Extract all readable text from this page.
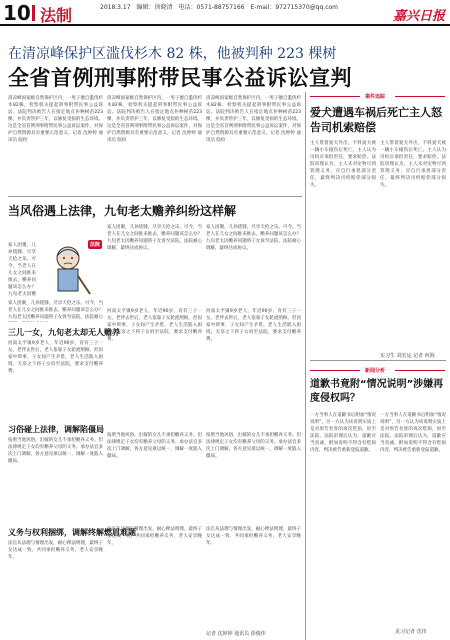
10 法制	2018.3.17　编辑：徐晓清　电话：0571-88757166　E-mail：972715370@qq.com
嘉兴日报
在清凉峰保护区滥伐杉木 82 株，他被判种 223 棵树
全省首例刑事附带民事公益诉讼宣判
清凉峰国家级自然保护区内，一男子擅自滥伐杉木82株，检察机关提起刑事附带民事公益诉讼。法院判决被告人在指定地点补种树苗223棵，并负责管护三年，以修复受损的生态环境。这是全省首例刑事附带民事公益诉讼案件，对保护自然资源具有重要示范意义。记者 沈婷婷 通讯员 临检
清凉峰国家级自然保护区内，一男子擅自滥伐杉木82株，检察机关提起刑事附带民事公益诉讼。法院判决被告人在指定地点补种树苗223棵，并负责管护三年，以修复受损的生态环境。这是全省首例刑事附带民事公益诉讼案件，对保护自然资源具有重要示范意义。记者 沈婷婷 通讯员 临检
清凉峰国家级自然保护区内，一男子擅自滥伐杉木82株，检察机关提起刑事附带民事公益诉讼。法院判决被告人在指定地点补种树苗223棵，并负责管护三年，以修复受损的生态环境。这是全省首例刑事附带民事公益诉讼案件，对保护自然资源具有重要示范意义。记者 沈婷婷 通讯员 临检
当风俗遇上法律，九旬老太赡养纠纷这样解
法院
家人团聚，儿孙绕膝，尽享天伦之乐。可今，当老人在儿女之间推来推去，赡养问题该怎么办？九旬老太因赡
家人团聚，儿孙绕膝，尽享天伦之乐。可今，当老人在儿女之间推来推去，赡养问题该怎么办？九旬老太因赡养问题将子女诉至法院，法院耐心调解，最终达成协议。
家人团聚，儿孙绕膝，尽享天伦之乐。可今，当老人在儿女之间推来推去，赡养问题该怎么办？九旬老太因赡养问题将子女诉至法院，法院耐心调解，最终达成协议。
家人团聚，儿孙绕膝，尽享天伦之乐。可今，当老人在儿女之间推来推去，赡养问题该怎么办？九旬老太因赡养问题将子女诉至法院，法院耐心
三儿一女，九旬老太却无人赡养
河南太平镇9岁老人，年近90岁，育有三子一女。老伴去世后，老人依靠子女轮流照顾。但因家中琐事，子女间产生矛盾，老人生活陷入困境，无奈之下将子女诉至法院，要求支付赡养费。
河南太平镇9岁老人，年近90岁，育有三子一女。老伴去世后，老人依靠子女轮流照顾。但因家中琐事，子女间产生矛盾，老人生活陷入困境，无奈之下将子女诉至法院，要求支付赡养费。
河南太平镇9岁老人，年近90岁，育有三子一女。老伴去世后，老人依靠子女轮流照顾。但因家中琐事，子女间产生矛盾，老人生活陷入困境，无奈之下将子女诉至法院，要求支付赡养费。
习俗碰上法律，调解陷僵局
按照当地风俗，出嫁的女儿不承担赡养义务。但法律规定子女均有赡养父母的义务。承办法官多次上门调解，各方意见难以统一，调解一度陷入僵局。
按照当地风俗，出嫁的女儿不承担赡养义务。但法律规定子女均有赡养父母的义务。承办法官多次上门调解，各方意见难以统一，调解一度陷入僵局。
按照当地风俗，出嫁的女儿不承担赡养义务。但法律规定子女均有赡养父母的义务。承办法官多次上门调解，各方意见难以统一，调解一度陷入僵局。
义务与权利捆绑，调解终解燃眉难题
法官从法理与情理出发，耐心释法明理，最终子女达成一致，共同承担赡养义务，老人安享晚年。
法官从法理与情理出发，耐心释法明理，最终子女达成一致，共同承担赡养义务，老人安享晚年。
法官从法理与情理出发，耐心释法明理，最终子女达成一致，共同承担赡养义务，老人安享晚年。
记者 沈婷婷 通讯员 徐俊伟
案件追踪
爱犬遭遇车祸后死亡主人怒告司机索赔偿
主人带着爱犬外出，不料爱犬被一辆小车撞伤后死亡。主人认为司机应承担责任，要求赔偿。法院审理认为，主人未对宠物尽到管理义务，应自行承担部分责任，最终判决司机赔偿部分损失。
主人带着爱犬外出，不料爱犬被一辆小车撞伤后死亡。主人认为司机应承担责任，要求赔偿。法院审理认为，主人未对宠物尽到管理义务，应自行承担部分责任，最终判决司机赔偿部分损失。
实习生 刘宏运 记者 何海
新闻分析
道歉书竟附“情况说明”涉嫌再度侵权吗？
一方当事人在道歉书后附加“情况说明”，另一方认为该说明实质上是对原告名誉的再次贬损，诉至法院。法院审理后认为，道歉应当真诚，附加说明不得含有贬损内容，判决被告重新登报道歉。
一方当事人在道歉书后附加“情况说明”，另一方认为该说明实质上是对原告名誉的再次贬损，诉至法院。法院审理后认为，道歉应当真诚，附加说明不得含有贬损内容，判决被告重新登报道歉。
见习记者 沈伟
